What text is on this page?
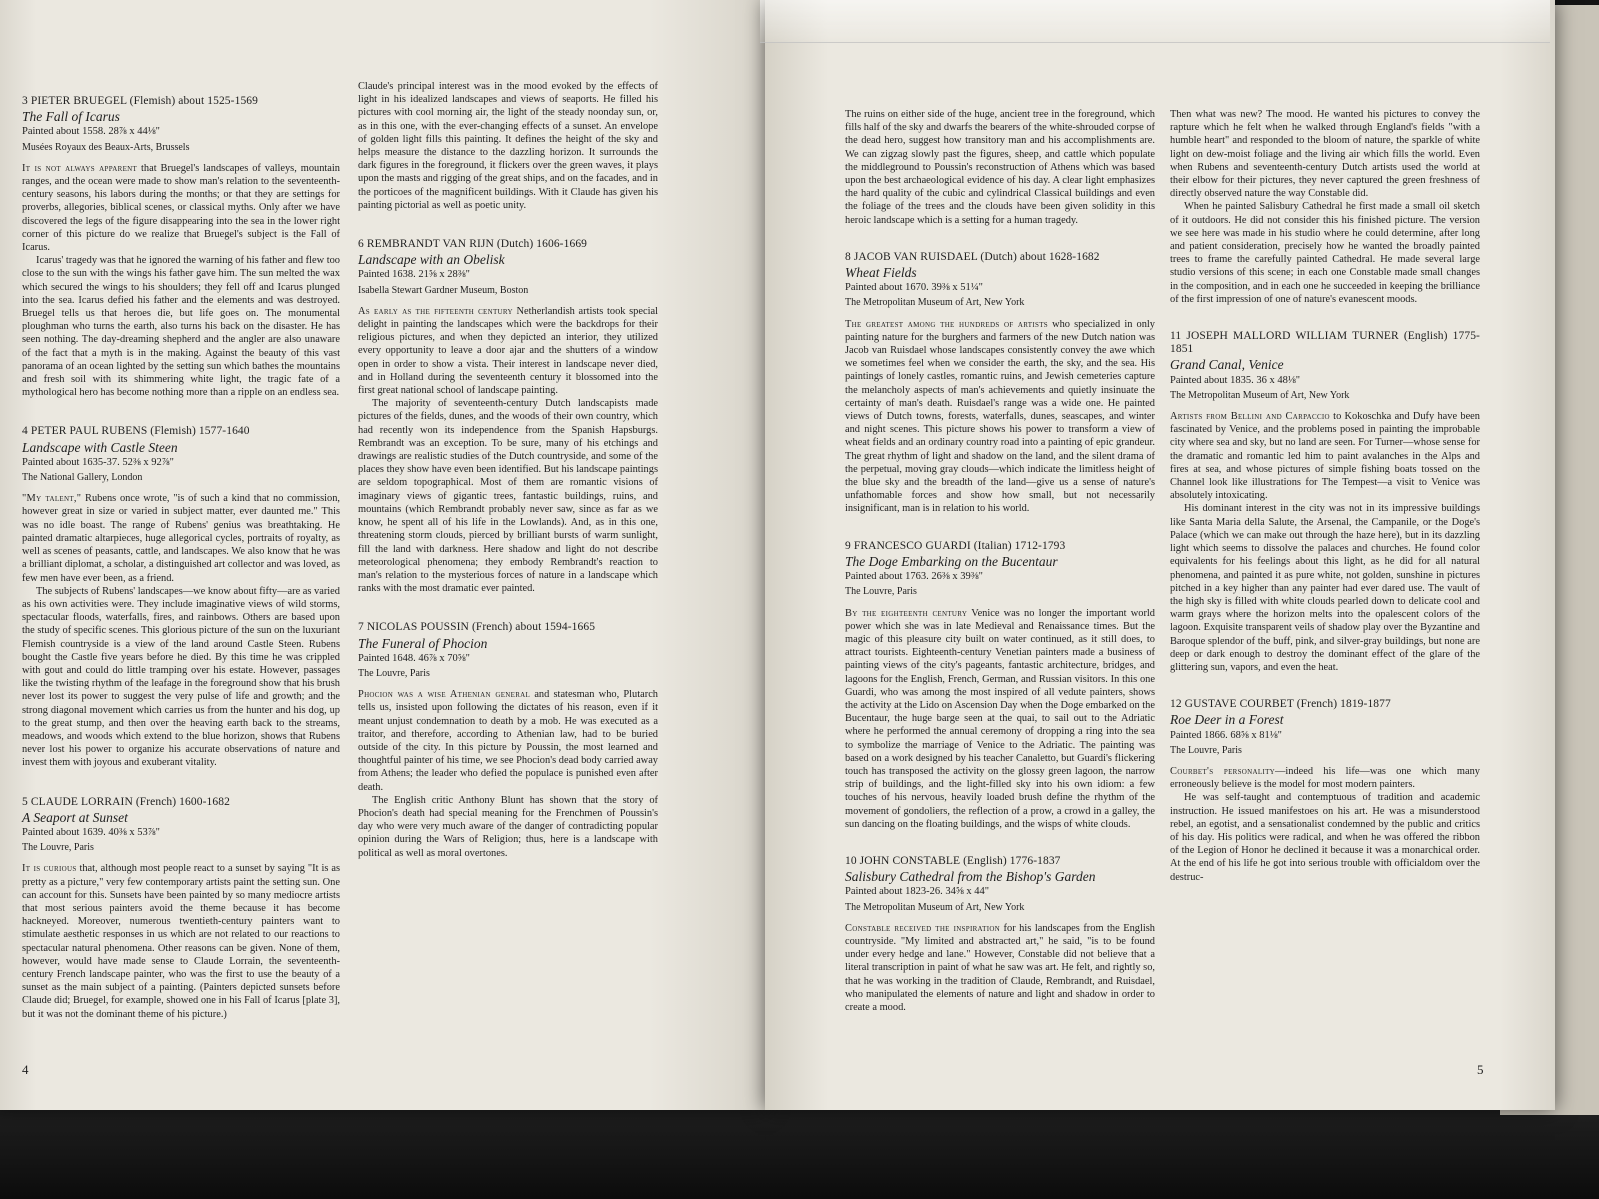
3 PIETER BRUEGEL (Flemish) about 1525-1569
The Fall of Icarus
Painted about 1558. 28⅞ x 44⅛"
Musées Royaux des Beaux-Arts, Brussels

It is not always apparent that Bruegel's landscapes of valleys, mountain ranges, and the ocean were made to show man's relation to the seventeenth-century seasons, his labors during the months; or that they are settings for proverbs, allegories, biblical scenes, or classical myths. Only after we have discovered the legs of the figure disappearing into the sea in the lower right corner of this picture do we realize that Bruegel's subject is the Fall of Icarus.

Icarus' tragedy was that he ignored the warning of his father and flew too close to the sun with the wings his father gave him. The sun melted the wax which secured the wings to his shoulders; they fell off and Icarus plunged into the sea. Icarus defied his father and the elements and was destroyed. Bruegel tells us that heroes die, but life goes on. The monumental ploughman who turns the earth, also turns his back on the disaster. He has seen nothing. The day-dreaming shepherd and the angler are also unaware of the fact that a myth is in the making. Against the beauty of this vast panorama of an ocean lighted by the setting sun which bathes the mountains and fresh soil with its shimmering white light, the tragic fate of a mythological hero has become nothing more than a ripple on an endless sea.

4 PETER PAUL RUBENS (Flemish) 1577-1640
Landscape with Castle Steen
Painted about 1635-37. 52⅜ x 92⅞"
The National Gallery, London

"My talent," Rubens once wrote, "is of such a kind that no commission, however great in size or varied in subject matter, ever daunted me." This was no idle boast. The range of Rubens' genius was breathtaking. He painted dramatic altarpieces, huge allegorical cycles, portraits of royalty, as well as scenes of peasants, cattle, and landscapes. We also know that he was a brilliant diplomat, a scholar, a distinguished art collector and was loved, as few men have ever been, as a friend.

The subjects of Rubens' landscapes—we know about fifty—are as varied as his own activities were. They include imaginative views of wild storms, spectacular floods, waterfalls, fires, and rainbows. Others are based upon the study of specific scenes. This glorious picture of the sun on the luxuriant Flemish countryside is a view of the land around Castle Steen. Rubens bought the Castle five years before he died. By this time he was crippled with gout and could do little tramping over his estate. However, passages like the twisting rhythm of the leafage in the foreground show that his brush never lost its power to suggest the very pulse of life and growth; and the strong diagonal movement which carries us from the hunter and his dog, up to the great stump, and then over the heaving earth back to the streams, meadows, and woods which extend to the blue horizon, shows that Rubens never lost his power to organize his accurate observations of nature and invest them with joyous and exuberant vitality.

5 CLAUDE LORRAIN (French) 1600-1682
A Seaport at Sunset
Painted about 1639. 40⅜ x 53⅞"
The Louvre, Paris

It is curious that, although most people react to a sunset by saying "It is as pretty as a picture," very few contemporary artists paint the setting sun. One can account for this. Sunsets have been painted by so many mediocre artists that most serious painters avoid the theme because it has become hackneyed. Moreover, numerous twentieth-century painters want to stimulate aesthetic responses in us which are not related to our reactions to spectacular natural phenomena. Other reasons can be given. None of them, however, would have made sense to Claude Lorrain, the seventeenth-century French landscape painter, who was the first to use the beauty of a sunset as the main subject of a painting. (Painters depicted sunsets before Claude did; Bruegel, for example, showed one in his Fall of Icarus [plate 3], but it was not the dominant theme of his picture.)

Claude's principal interest was in the mood evoked by the effects of light in his idealized landscapes and views of seaports. He filled his pictures with cool morning air, the light of the steady noonday sun, or, as in this one, with the ever-changing effects of a sunset. An envelope of golden light fills this painting. It defines the height of the sky and helps measure the distance to the dazzling horizon. It surrounds the dark figures in the foreground, it flickers over the green waves, it plays upon the masts and rigging of the great ships, and on the facades, and in the porticoes of the magnificent buildings. With it Claude has given his painting pictorial as well as poetic unity.

6 REMBRANDT VAN RIJN (Dutch) 1606-1669
Landscape with an Obelisk
Painted 1638. 21⅝ x 28⅜"
Isabella Stewart Gardner Museum, Boston

As early as the fifteenth century Netherlandish artists took special delight in painting the landscapes which were the backdrops for their religious pictures, and when they depicted an interior, they utilized every opportunity to leave a door ajar and the shutters of a window open in order to show a vista. Their interest in landscape never died, and in Holland during the seventeenth century it blossomed into the first great national school of landscape painting.

The majority of seventeenth-century Dutch landscapists made pictures of the fields, dunes, and the woods of their own country, which had recently won its independence from the Spanish Hapsburgs. Rembrandt was an exception. To be sure, many of his etchings and drawings are realistic studies of the Dutch countryside, and some of the places they show have even been identified. But his landscape paintings are seldom topographical. Most of them are romantic visions of imaginary views of gigantic trees, fantastic buildings, ruins, and mountains (which Rembrandt probably never saw, since as far as we know, he spent all of his life in the Lowlands). And, as in this one, threatening storm clouds, pierced by brilliant bursts of warm sunlight, fill the land with darkness. Here shadow and light do not describe meteorological phenomena; they embody Rembrandt's reaction to man's relation to the mysterious forces of nature in a landscape which ranks with the most dramatic ever painted.

7 NICOLAS POUSSIN (French) about 1594-1665
The Funeral of Phocion
Painted 1648. 46⅞ x 70⅝"
The Louvre, Paris

Phocion was a wise Athenian general and statesman who, Plutarch tells us, insisted upon following the dictates of his reason, even if it meant unjust condemnation to death by a mob. He was executed as a traitor, and therefore, according to Athenian law, had to be buried outside of the city. In this picture by Poussin, the most learned and thoughtful painter of his time, we see Phocion's dead body carried away from Athens; the leader who defied the populace is punished even after death.

The English critic Anthony Blunt has shown that the story of Phocion's death had special meaning for the Frenchmen of Poussin's day who were very much aware of the danger of contradicting popular opinion during the Wars of Religion; thus, here is a landscape with political as well as moral overtones.

4

The ruins on either side of the huge, ancient tree in the foreground, which fills half of the sky and dwarfs the bearers of the white-shrouded corpse of the dead hero, suggest how transitory man and his accomplishments are. We can zigzag slowly past the figures, sheep, and cattle which populate the middleground to Poussin's reconstruction of Athens which was based upon the best archaeological evidence of his day. A clear light emphasizes the hard quality of the cubic and cylindrical Classical buildings and even the foliage of the trees and the clouds have been given solidity in this heroic landscape which is a setting for a human tragedy.

8 JACOB VAN RUISDAEL (Dutch) about 1628-1682
Wheat Fields
Painted about 1670. 39⅜ x 51¼"
The Metropolitan Museum of Art, New York

The greatest among the hundreds of artists who specialized in only painting nature for the burghers and farmers of the new Dutch nation was Jacob van Ruisdael whose landscapes consistently convey the awe which we sometimes feel when we consider the earth, the sky, and the sea. His paintings of lonely castles, romantic ruins, and Jewish cemeteries capture the melancholy aspects of man's achievements and quietly insinuate the certainty of man's death. Ruisdael's range was a wide one. He painted views of Dutch towns, forests, waterfalls, dunes, seascapes, and winter and night scenes. This picture shows his power to transform a view of wheat fields and an ordinary country road into a painting of epic grandeur. The great rhythm of light and shadow on the land, and the silent drama of the perpetual, moving gray clouds—which indicate the limitless height of the blue sky and the breadth of the land—give us a sense of nature's unfathomable forces and show how small, but not necessarily insignificant, man is in relation to his world.

9 FRANCESCO GUARDI (Italian) 1712-1793
The Doge Embarking on the Bucentaur
Painted about 1763. 26⅜ x 39⅜"
The Louvre, Paris

By the eighteenth century Venice was no longer the important world power which she was in late Medieval and Renaissance times. But the magic of this pleasure city built on water continued, as it still does, to attract tourists. Eighteenth-century Venetian painters made a business of painting views of the city's pageants, fantastic architecture, bridges, and lagoons for the English, French, German, and Russian visitors. In this one Guardi, who was among the most inspired of all vedute painters, shows the activity at the Lido on Ascension Day when the Doge embarked on the Bucentaur, the huge barge seen at the quai, to sail out to the Adriatic where he performed the annual ceremony of dropping a ring into the sea to symbolize the marriage of Venice to the Adriatic. The painting was based on a work designed by his teacher Canaletto, but Guardi's flickering touch has transposed the activity on the glossy green lagoon, the narrow strip of buildings, and the light-filled sky into his own idiom: a few touches of his nervous, heavily loaded brush define the rhythm of the movement of gondoliers, the reflection of a prow, a crowd in a galley, the sun dancing on the floating buildings, and the wisps of white clouds.

10 JOHN CONSTABLE (English) 1776-1837
Salisbury Cathedral from the Bishop's Garden
Painted about 1823-26. 34⅝ x 44"
The Metropolitan Museum of Art, New York

Constable received the inspiration for his landscapes from the English countryside. "My limited and abstracted art," he said, "is to be found under every hedge and lane." However, Constable did not believe that a literal transcription in paint of what he saw was art. He felt, and rightly so, that he was working in the tradition of Claude, Rembrandt, and Ruisdael, who manipulated the elements of nature and light and shadow in order to create a mood.

Then what was new? The mood. He wanted his pictures to convey the rapture which he felt when he walked through England's fields "with a humble heart" and responded to the bloom of nature, the sparkle of white light on dew-moist foliage and the living air which fills the world. Even when Rubens and seventeenth-century Dutch artists used the world at their elbow for their pictures, they never captured the green freshness of directly observed nature the way Constable did.

When he painted Salisbury Cathedral he first made a small oil sketch of it outdoors. He did not consider this his finished picture. The version we see here was made in his studio where he could determine, after long and patient consideration, precisely how he wanted the broadly painted trees to frame the carefully painted Cathedral. He made several large studio versions of this scene; in each one Constable made small changes in the composition, and in each one he succeeded in keeping the brilliance of the first impression of one of nature's evanescent moods.

11 JOSEPH MALLORD WILLIAM TURNER (English) 1775-1851
Grand Canal, Venice
Painted about 1835. 36 x 48⅛"
The Metropolitan Museum of Art, New York

Artists from Bellini and Carpaccio to Kokoschka and Dufy have been fascinated by Venice, and the problems posed in painting the improbable city where sea and sky, but no land are seen. For Turner—whose sense for the dramatic and romantic led him to paint avalanches in the Alps and fires at sea, and whose pictures of simple fishing boats tossed on the Channel look like illustrations for The Tempest—a visit to Venice was absolutely intoxicating.

His dominant interest in the city was not in its impressive buildings like Santa Maria della Salute, the Arsenal, the Campanile, or the Doge's Palace (which we can make out through the haze here), but in its dazzling light which seems to dissolve the palaces and churches. He found color equivalents for his feelings about this light, as he did for all natural phenomena, and painted it as pure white, not golden, sunshine in pictures pitched in a key higher than any painter had ever dared use. The vault of the high sky is filled with white clouds pearled down to delicate cool and warm grays where the horizon melts into the opalescent colors of the lagoon. Exquisite transparent veils of shadow play over the Byzantine and Baroque splendor of the buff, pink, and silver-gray buildings, but none are deep or dark enough to destroy the dominant effect of the glare of the glittering sun, vapors, and even the heat.

12 GUSTAVE COURBET (French) 1819-1877
Roe Deer in a Forest
Painted 1866. 68⅝ x 81⅛"
The Louvre, Paris

Courbet's personality—indeed his life—was one which many erroneously believe is the model for most modern painters.

He was self-taught and contemptuous of tradition and academic instruction. He issued manifestoes on his art. He was a misunderstood rebel, an egotist, and a sensationalist condemned by the public and critics of his day. His politics were radical, and when he was offered the ribbon of the Legion of Honor he declined it because it was a monarchical order. At the end of his life he got into serious trouble with officialdom over the destruc-

5
